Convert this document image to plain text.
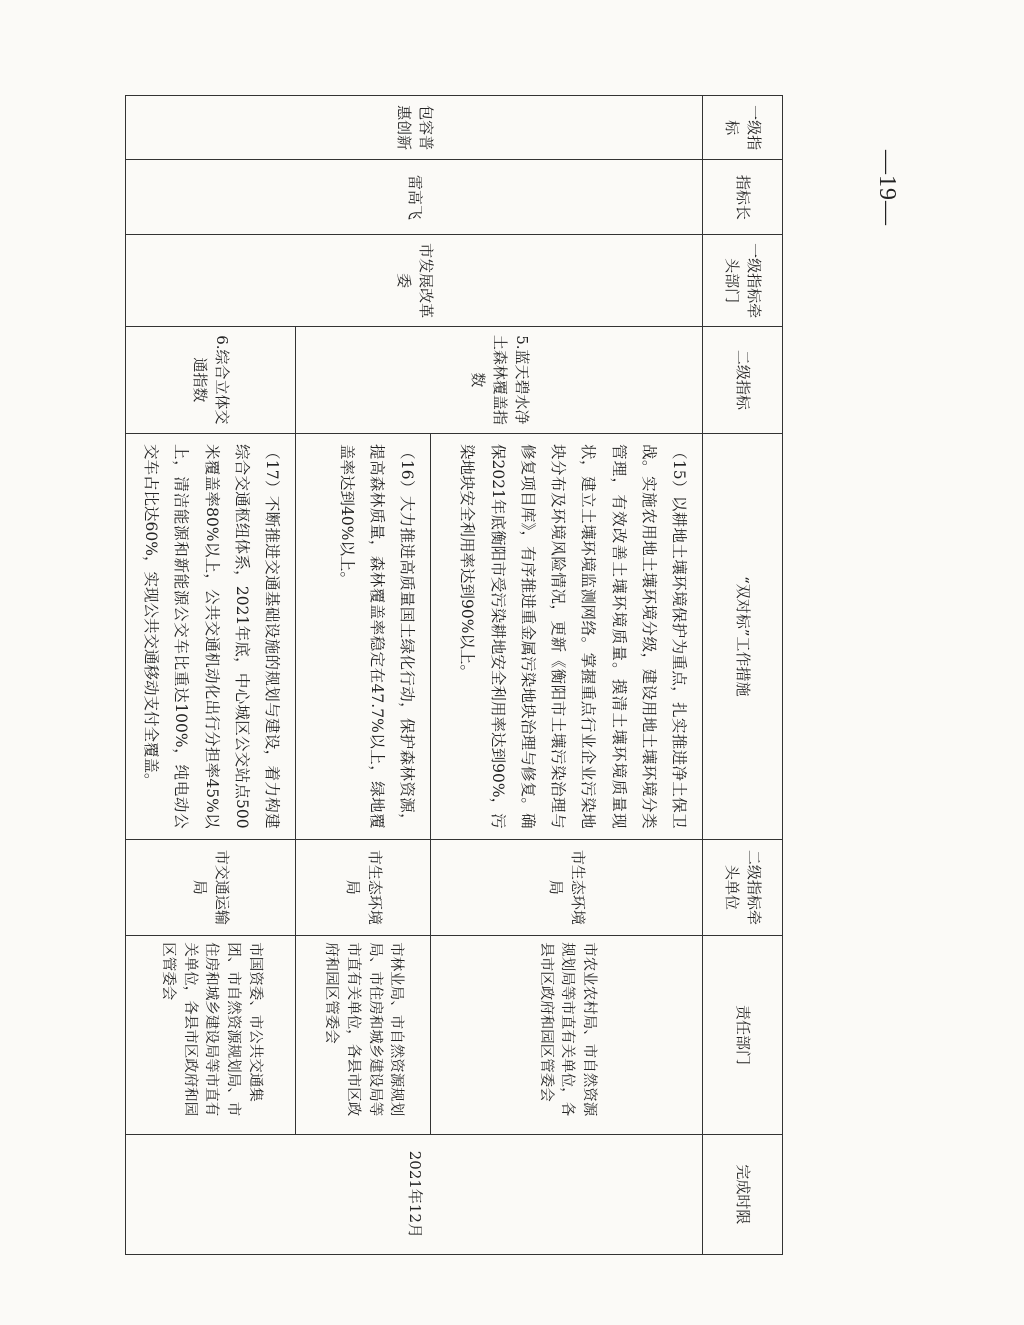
—19—
一级指标	指标长	一级指标牵头部门	二级指标	“双对标”工作措施	二级指标牵头单位	责任部门	完成时限
包容普惠创新	雷高飞	市发展改革委	5.蓝天碧水净土森林覆盖指数	（15）以耕地土壤环境保护为重点，扎实推进净土保卫战。实施农用地土壤环境分级，建设用地土壤环境分类管理，有效改善土壤环境质量。摸清土壤环境质量现状，建立土壤环境监测网络。掌握重点行业企业污染地块分布及环境风险情况，更新《衡阳市土壤污染治理与修复项目库》，有序推进重金属污染地块治理与修复。确保2021年底衡阳市受污染耕地安全利用率达到90%，污染地块安全利用率达到90%以上。	市生态环境局	市农业农村局、市自然资源规划局等市直有关单位，各县市区政府和园区管委会	2021年12月
				（16）大力推进高质量国土绿化行动，保护森林资源，提高森林质量，森林覆盖率稳定在47.7%以上，绿地覆盖率达到40%以上。	市生态环境局	市林业局、市自然资源规划局、市住房和城乡建设局等市直有关单位，各县市区政府和园区管委会	
			6.综合立体交通指数	（17）不断推进交通基础设施的规划与建设，着力构建综合交通枢纽体系，2021年底，中心城区公交站点500米覆盖率80%以上，公共交通机动化出行分担率45%以上，清洁能源和新能源公交车比重达100%，纯电动公交车占比达60%，实现公共交通移动支付全覆盖。	市交通运输局	市国资委、市公共交通集团、市自然资源规划局、市住房和城乡建设局等市直有关单位，各县市区政府和园区管委会	
